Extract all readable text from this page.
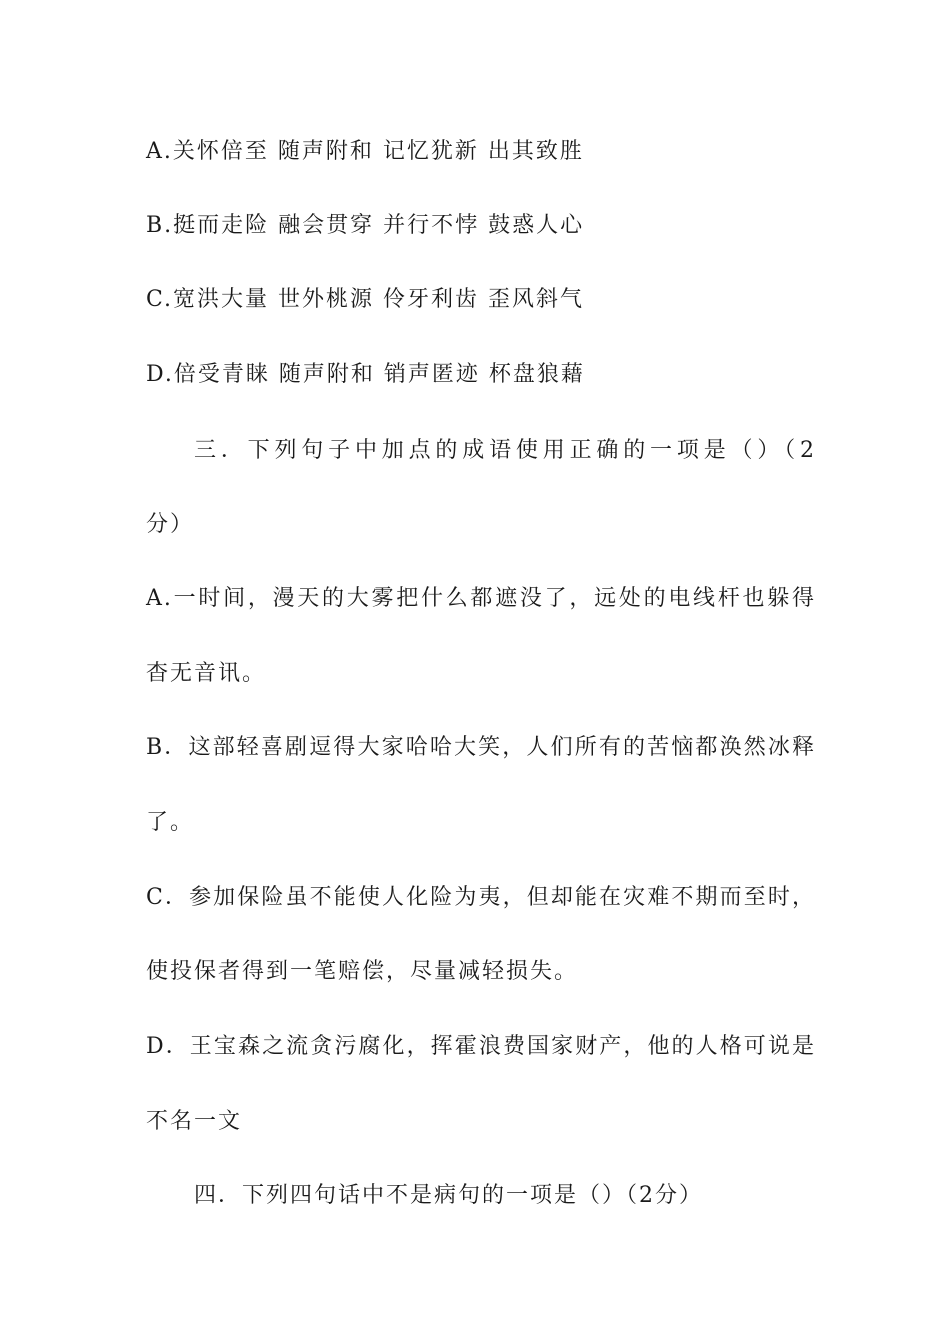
A.关怀倍至 随声附和 记忆犹新 出其致胜
B.挺而走险 融会贯穿 并行不悖 鼓惑人心
C.宽洪大量 世外桃源 伶牙利齿 歪风斜气
D.倍受青睐 随声附和 销声匿迹 杯盘狼藉
三．下列句子中加点的成语使用正确的一项是（）（2
分）
A.一时间，漫天的大雾把什么都遮没了，远处的电线杆也躲得
杳无音讯。
B．这部轻喜剧逗得大家哈哈大笑，人们所有的苦恼都涣然冰释
了。
C．参加保险虽不能使人化险为夷，但却能在灾难不期而至时，
使投保者得到一笔赔偿，尽量减轻损失。
D．王宝森之流贪污腐化，挥霍浪费国家财产，他的人格可说是
不名一文
四．下列四句话中不是病句的一项是（）（2分）
